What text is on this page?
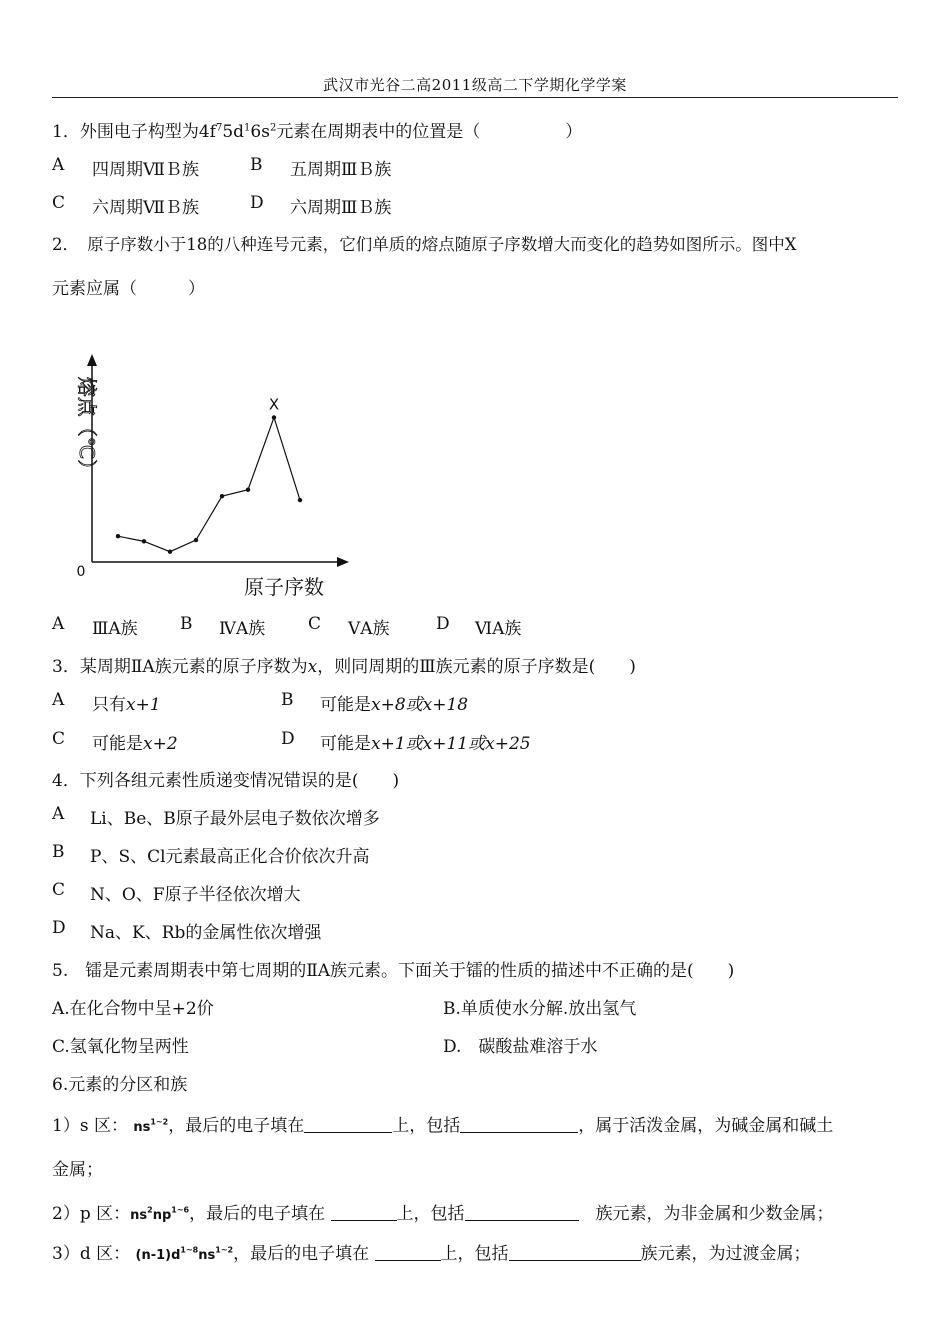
武汉市光谷二高2011级高二下学期化学学案
1．外围电子构型为$4f^75d^16s^2$元素在周期表中的位置是（　　　　　）
A 四周期ⅦＢ族	B 五周期ⅢＢ族
C 六周期ⅦＢ族	D 六周期ⅢＢ族
2．　原子序数小于18的八种连号元素，它们单质的熔点随原子序数增大而变化的趋势如图所示。图中X
元素应属（　　　）
熔点（℃）
原子序数
0
X
A ⅢA族 B ⅣA族	C ⅤA族	D ⅥA族
3．某周期ⅡA族元素的原子序数为x，则同周期的Ⅲ族元素的原子序数是(　　)
A 只有x+1	B 可能是x+8或x+18
C 可能是x+2	D 可能是x+1或x+11或x+25
4．下列各组元素性质递变情况错误的是(　　)
A Li、Be、B原子最外层电子数依次增多
B P、S、Cl元素最高正化合价依次升高
C N、O、F原子半径依次增大
D Na、K、Rb的金属性依次增强
5.　镭是元素周期表中第七周期的ⅡA族元素。下面关于镭的性质的描述中不正确的是(　　)
A.在化合物中呈+2价	B.单质使水分解.放出氢气
C.氢氧化物呈两性	D.　碳酸盐难溶于水
6.元素的分区和族
1）s 区： $ns^{1\sim 2}$，最后的电子填在	上，包括	，属于活泼金属，为碱金属和碱土
金属；
2）p 区：$ns^2np^{1\sim 6}$，最后的电子填在	上，包括　	族元素，为非金属和少数金属；
3）d 区： $(n-1)d^{1\sim 8}ns^{1\sim 2}$，最后的电子填在	上，包括	族元素，为过渡金属；
